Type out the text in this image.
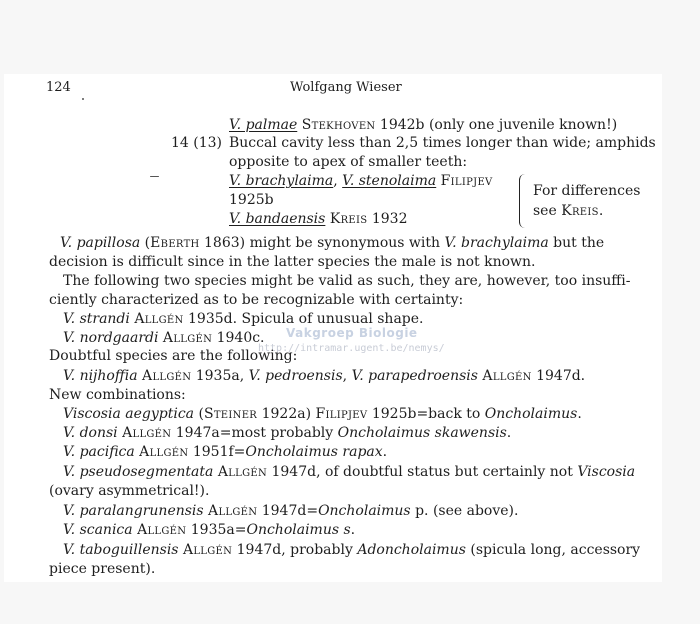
124	Wolfgang Wieser
V. palmae Stekhoven 1942b (only one juvenile known!)
14 (13) Buccal cavity less than 2,5 times longer than wide; amphids
opposite to apex of smaller teeth:
V. brachylaima, V. stenolaima Filipjev
1925b
V. bandaensis Kreis 1932
For differences
see Kreis.
V. papillosa (Eberth 1863) might be synonymous with V. brachylaima but the
decision is difficult since in the latter species the male is not known.
The following two species might be valid as such, they are, however, too insuffi-
ciently characterized as to be recognizable with certainty:
Vakgroep Biologie
http://intramar.ugent.be/nemys/
V. strandi Allgén 1935d. Spicula of unusual shape.
V. nordgaardi Allgén 1940c.
Doubtful species are the following:
V. nijhoffia Allgén 1935a, V. pedroensis, V. parapedroensis Allgén 1947d.
New combinations:
Viscosia aegyptica (Steiner 1922a) Filipjev 1925b=back to Oncholaimus.
V. donsi Allgén 1947a=most probably Oncholaimus skawensis.
V. pacifica Allgén 1951f=Oncholaimus rapax.
V. pseudosegmentata Allgén 1947d, of doubtful status but certainly not Viscosia
(ovary asymmetrical!).
V. paralangrunensis Allgén 1947d=Oncholaimus p. (see above).
V. scanica Allgén 1935a=Oncholaimus s.
V. taboguillensis Allgén 1947d, probably Adoncholaimus (spicula long, accessory
piece present).
